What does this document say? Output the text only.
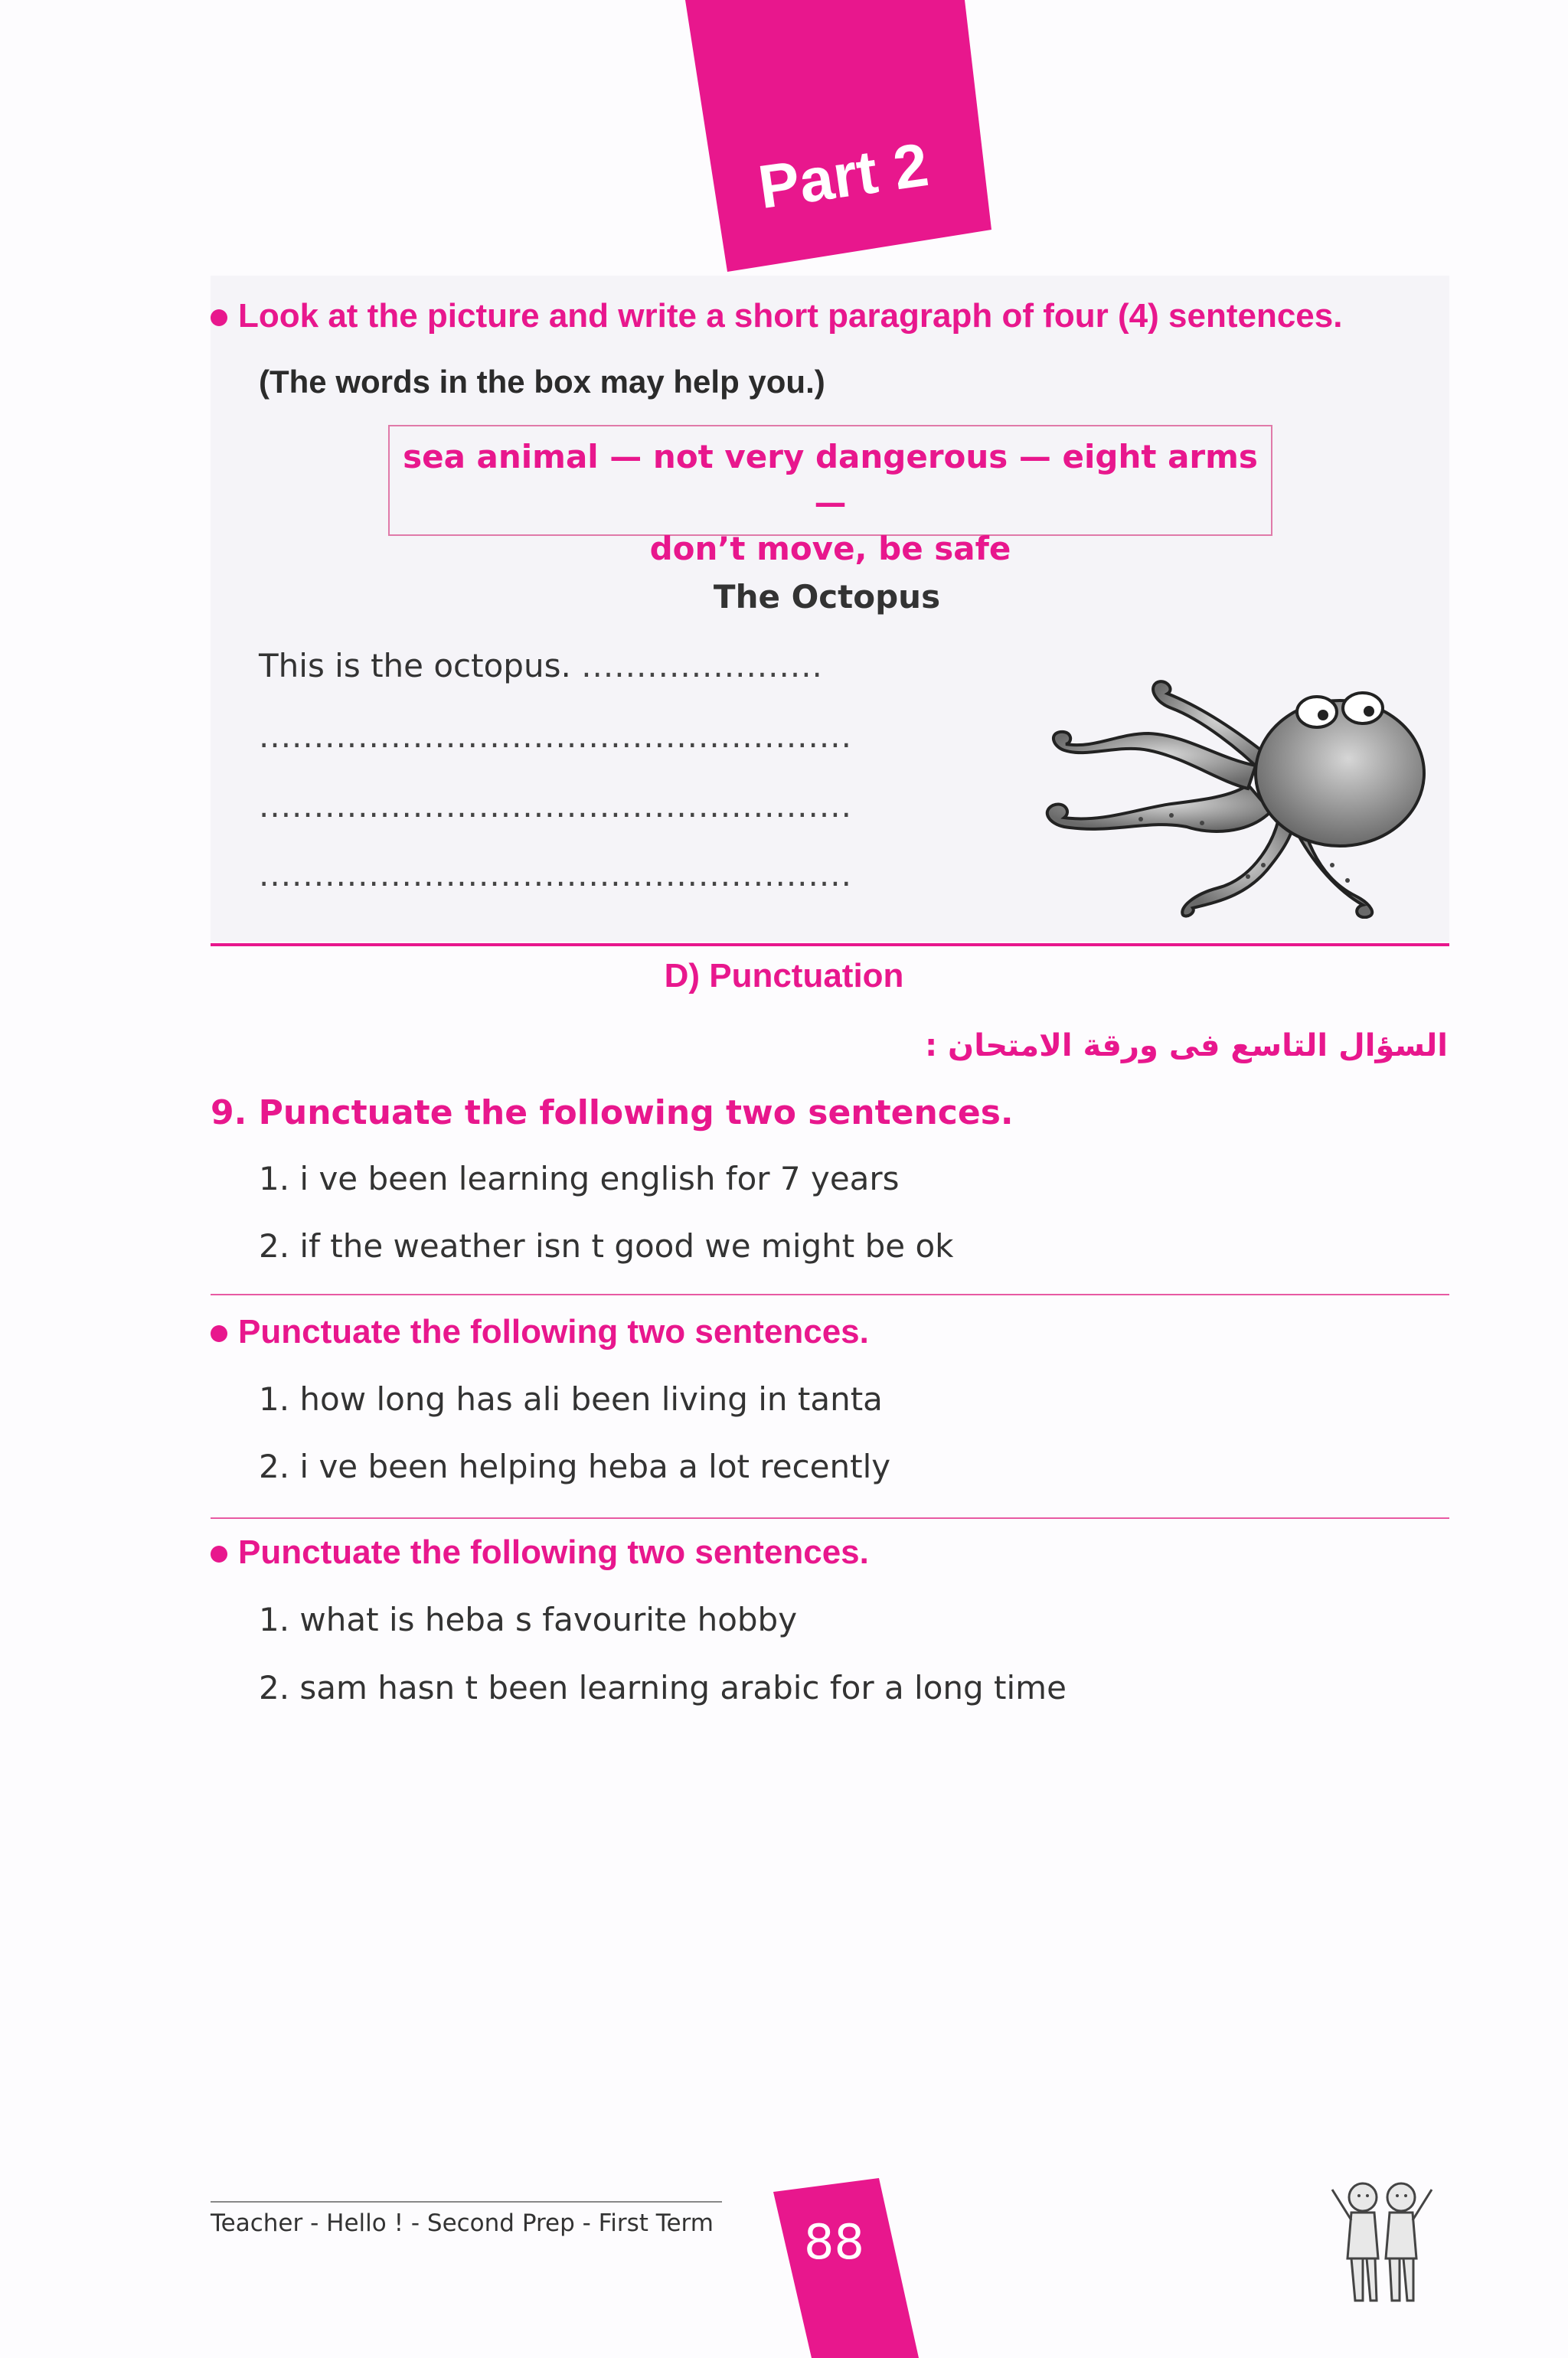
Part 2
Look at the picture and write a short paragraph of four (4) sentences.
(The words in the box may help you.)
sea animal — not very dangerous — eight arms —
don’t move, be safe
The Octopus
This is the octopus. ......................
......................................................
......................................................
......................................................
D) Punctuation
السؤال التاسع فى ورقة الامتحان :
9. Punctuate the following two sentences.
1. i ve been learning english for 7 years
2. if the weather isn t good we might be ok
Punctuate the following two sentences.
1. how long has ali been living in tanta
2. i ve been helping heba a lot recently
Punctuate the following two sentences.
1. what is heba s favourite hobby
2. sam hasn t been learning arabic for a long time
Teacher - Hello ! - Second Prep - First Term 88
